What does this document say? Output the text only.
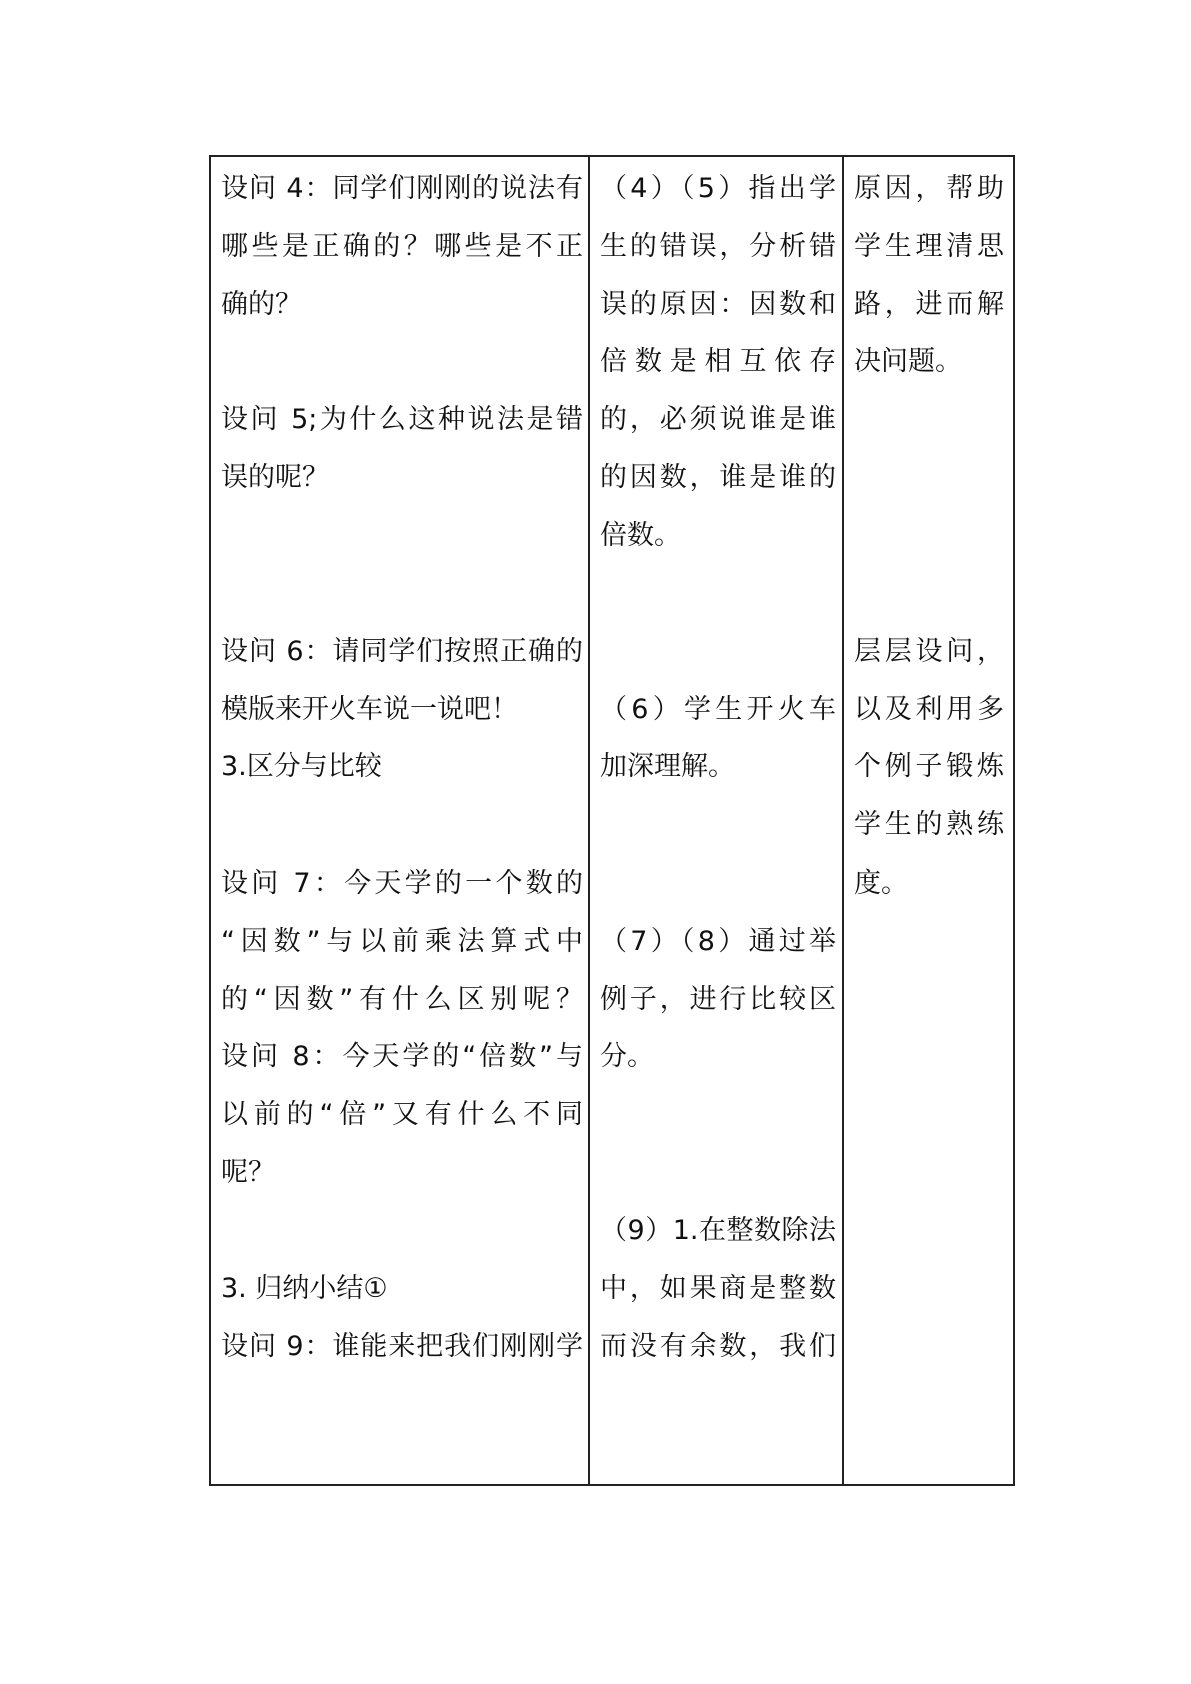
设问 4：同学们刚刚的说法有
哪些是正确的？哪些是不正
确的？
设问 5;为什么这种说法是错
误的呢？
设问 6：请同学们按照正确的
模版来开火车说一说吧！
3.区分与比较
设问 7：今天学的一个数的
“因数”与以前乘法算式中
的“因数”有什么区别呢？
设问 8：今天学的“倍数”与
以前的“倍”又有什么不同
呢？
3. 归纳小结①
设问 9：谁能来把我们刚刚学
（4）（5）指出学
生的错误，分析错
误的原因：因数和
倍数是相互依存
的，必须说谁是谁
的因数，谁是谁的
倍数。
（6）学生开火车
加深理解。
（7）（8）通过举
例子，进行比较区
分。
（9）1.在整数除法
中，如果商是整数
而没有余数，我们
原因，帮助
学生理清思
路，进而解
决问题。
层层设问，
以及利用多
个例子锻炼
学生的熟练
度。
